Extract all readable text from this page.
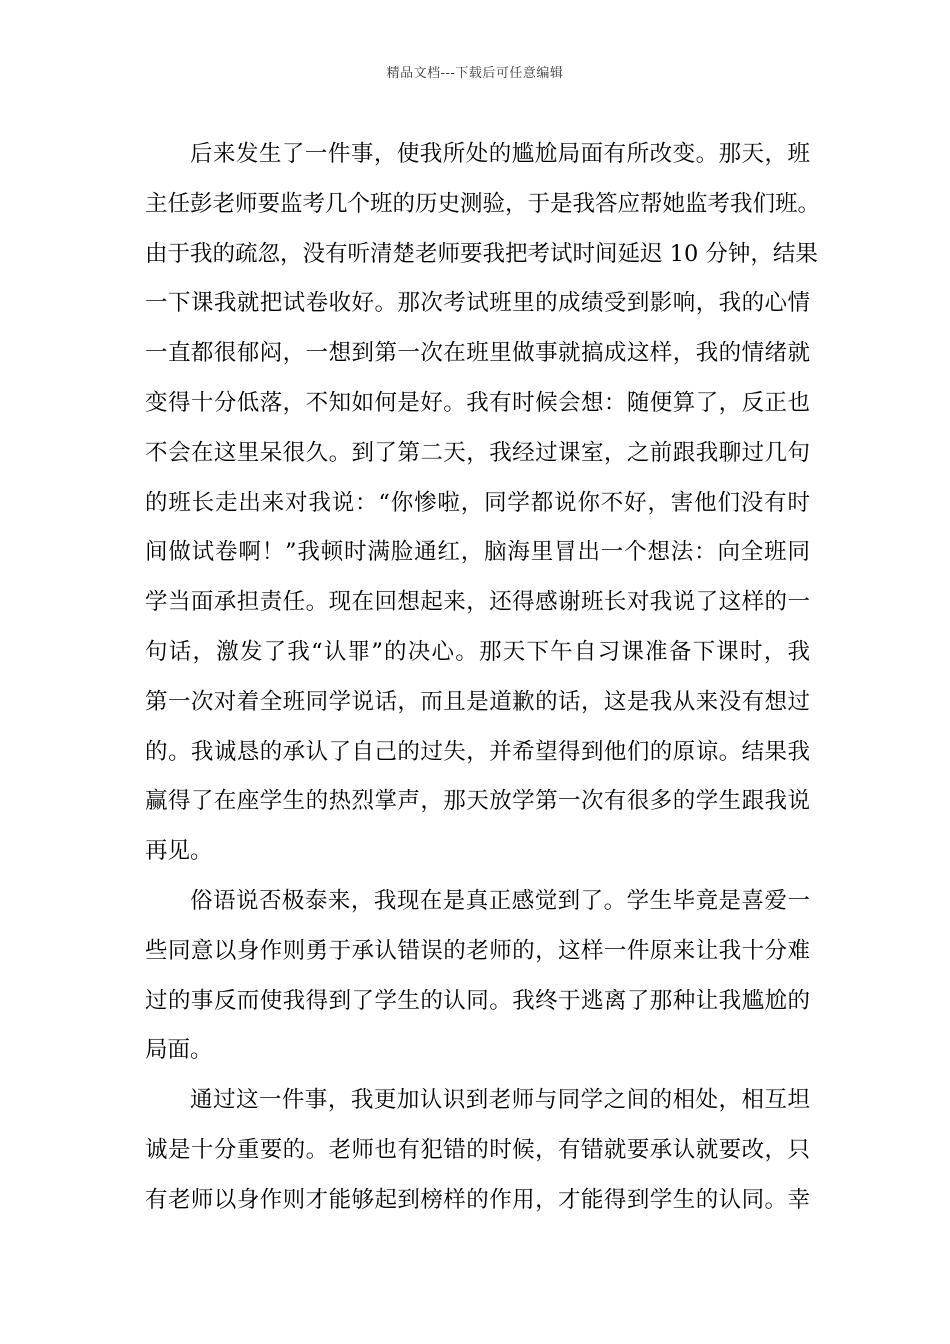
精品文档---下载后可任意编辑
后来发生了一件事，使我所处的尴尬局面有所改变。那天，班
主任彭老师要监考几个班的历史测验，于是我答应帮她监考我们班。
由于我的疏忽，没有听清楚老师要我把考试时间延迟 10 分钟，结果
一下课我就把试卷收好。那次考试班里的成绩受到影响，我的心情
一直都很郁闷，一想到第一次在班里做事就搞成这样，我的情绪就
变得十分低落，不知如何是好。我有时候会想：随便算了，反正也
不会在这里呆很久。到了第二天，我经过课室，之前跟我聊过几句
的班长走出来对我说：“你惨啦，同学都说你不好，害他们没有时
间做试卷啊！”我顿时满脸通红，脑海里冒出一个想法：向全班同
学当面承担责任。现在回想起来，还得感谢班长对我说了这样的一
句话，激发了我“认罪”的决心。那天下午自习课准备下课时，我
第一次对着全班同学说话，而且是道歉的话，这是我从来没有想过
的。我诚恳的承认了自己的过失，并希望得到他们的原谅。结果我
赢得了在座学生的热烈掌声，那天放学第一次有很多的学生跟我说
再见。
俗语说否极泰来，我现在是真正感觉到了。学生毕竟是喜爱一
些同意以身作则勇于承认错误的老师的，这样一件原来让我十分难
过的事反而使我得到了学生的认同。我终于逃离了那种让我尴尬的
局面。
通过这一件事，我更加认识到老师与同学之间的相处，相互坦
诚是十分重要的。老师也有犯错的时候，有错就要承认就要改，只
有老师以身作则才能够起到榜样的作用，才能得到学生的认同。幸
